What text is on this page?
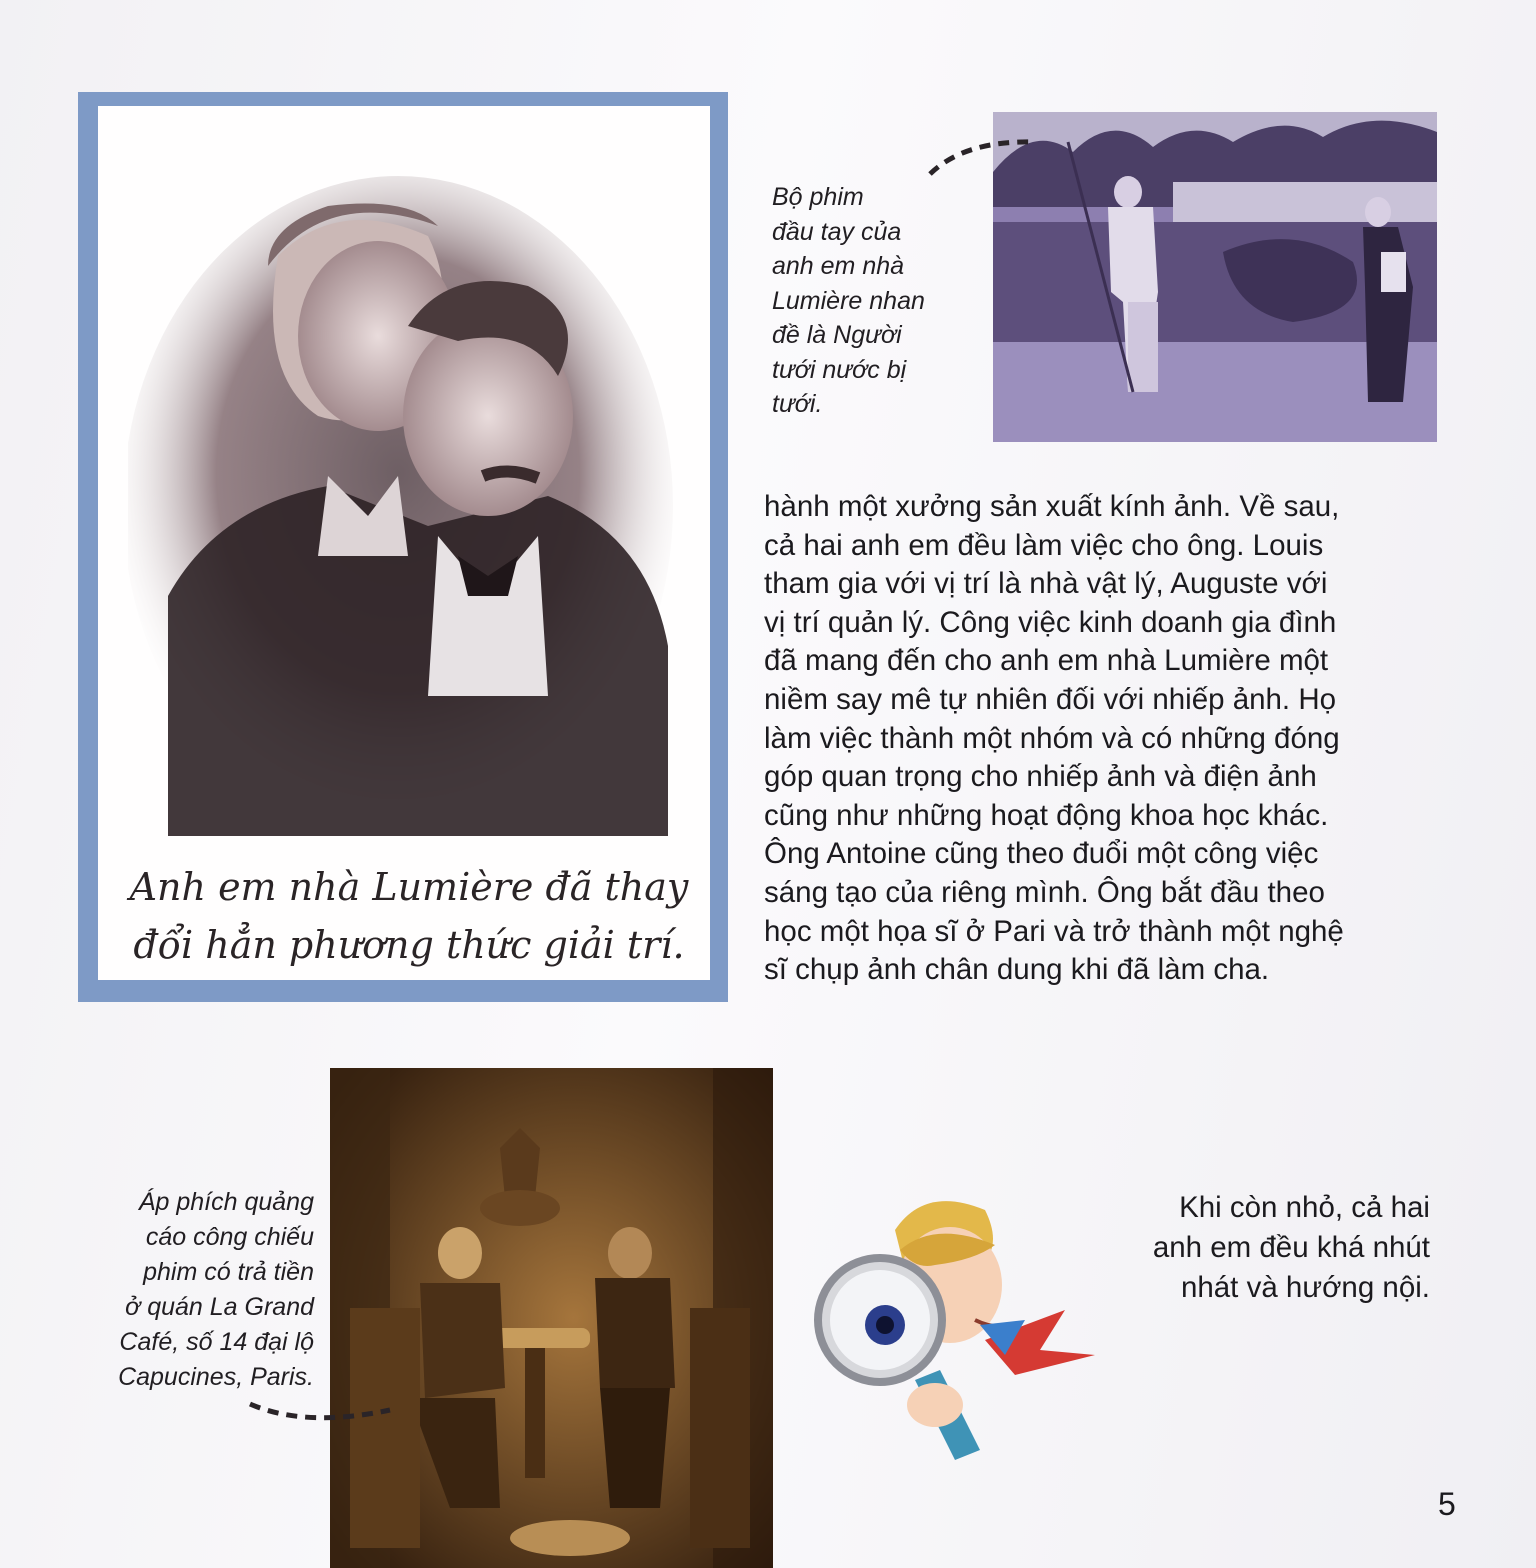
Anh em nhà Lumière đã thay đổi hẳn phương thức giải trí.
Bộ phim
đầu tay của
anh em nhà
Lumière nhan
đề là Người
tưới nước bị
tưới.
hành một xưởng sản xuất kính ảnh. Về sau,
cả hai anh em đều làm việc cho ông. Louis
tham gia với vị trí là nhà vật lý, Auguste với
vị trí quản lý. Công việc kinh doanh gia đình
đã mang đến cho anh em nhà Lumière một
niềm say mê tự nhiên đối với nhiếp ảnh. Họ
làm việc thành một nhóm và có những đóng
góp quan trọng cho nhiếp ảnh và điện ảnh
cũng như những hoạt động khoa học khác.
Ông Antoine cũng theo đuổi một công việc
sáng tạo của riêng mình. Ông bắt đầu theo
học một họa sĩ ở Pari và trở thành một nghệ
sĩ chụp ảnh chân dung khi đã làm cha.
Áp phích quảng
cáo công chiếu
phim có trả tiền
ở quán La Grand
Café, số 14 đại lộ
Capucines, Paris.
Khi còn nhỏ, cả hai
anh em đều khá nhút
nhát và hướng nội.
5
